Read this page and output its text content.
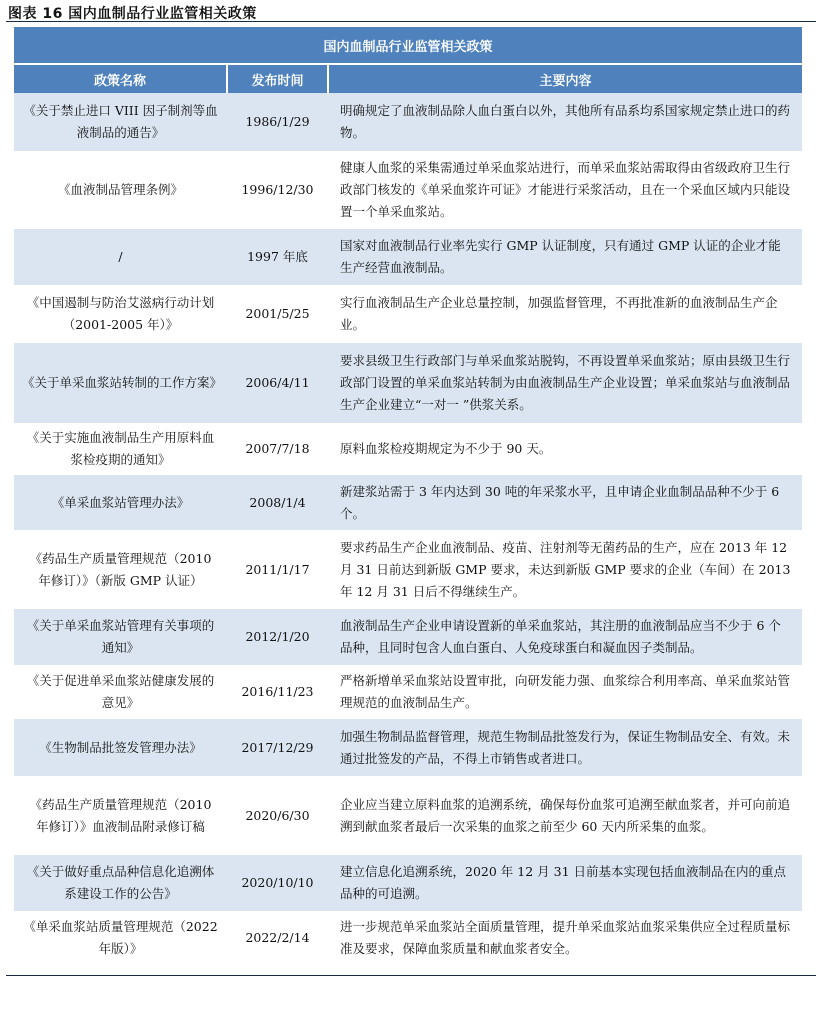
图表 16 国内血制品行业监管相关政策
国内血制品行业监管相关政策		
政策名称	发布时间	主要内容
《关于禁止进口 VIII 因子制剂等血液制品的通告》	1986/1/29	明确规定了血液制品除人血白蛋白以外，其他所有品系均系国家规定禁止进口的药物。
《血液制品管理条例》	1996/12/30	健康人血浆的采集需通过单采血浆站进行，而单采血浆站需取得由省级政府卫生行政部门核发的《单采血浆许可证》才能进行采浆活动，且在一个采血区域内只能设置一个单采血浆站。
/	1997 年底	国家对血液制品行业率先实行 GMP 认证制度，只有通过 GMP 认证的企业才能生产经营血液制品。
《中国遏制与防治艾滋病行动计划（2001-2005 年）》	2001/5/25	实行血液制品生产企业总量控制，加强监督管理，不再批准新的血液制品生产企业。
《关于单采血浆站转制的工作方案》	2006/4/11	要求县级卫生行政部门与单采血浆站脱钩，不再设置单采血浆站；原由县级卫生行政部门设置的单采血浆站转制为由血液制品生产企业设置；单采血浆站与血液制品生产企业建立“一对一 ”供浆关系。
《关于实施血液制品生产用原料血浆检疫期的通知》	2007/7/18	原料血浆检疫期规定为不少于 90 天。
《单采血浆站管理办法》	2008/1/4	新建浆站需于 3 年内达到 30 吨的年采浆水平，且申请企业血制品品种不少于 6 个。
《药品生产质量管理规范（2010 年修订）》（新版 GMP 认证）	2011/1/17	要求药品生产企业血液制品、疫苗、注射剂等无菌药品的生产，应在 2013 年 12 月 31 日前达到新版 GMP 要求，未达到新版 GMP 要求的企业（车间）在 2013 年 12 月 31 日后不得继续生产。
《关于单采血浆站管理有关事项的通知》	2012/1/20	血液制品生产企业申请设置新的单采血浆站，其注册的血液制品应当不少于 6 个品种，且同时包含人血白蛋白、人免疫球蛋白和凝血因子类制品。
《关于促进单采血浆站健康发展的意见》	2016/11/23	严格新增单采血浆站设置审批，向研发能力强、血浆综合利用率高、单采血浆站管理规范的血液制品生产。
《生物制品批签发管理办法》	2017/12/29	加强生物制品监督管理，规范生物制品批签发行为，保证生物制品安全、有效。未通过批签发的产品，不得上市销售或者进口。
《药品生产质量管理规范（2010 年修订）》血液制品附录修订稿	2020/6/30	企业应当建立原料血浆的追溯系统，确保每份血浆可追溯至献血浆者，并可向前追溯到献血浆者最后一次采集的血浆之前至少 60 天内所采集的血浆。
《关于做好重点品种信息化追溯体系建设工作的公告》	2020/10/10	建立信息化追溯系统，2020 年 12 月 31 日前基本实现包括血液制品在内的重点品种的可追溯。
《单采血浆站质量管理规范（2022 年版）》	2022/2/14	进一步规范单采血浆站全面质量管理，提升单采血浆站血浆采集供应全过程质量标准及要求，保障血浆质量和献血浆者安全。
